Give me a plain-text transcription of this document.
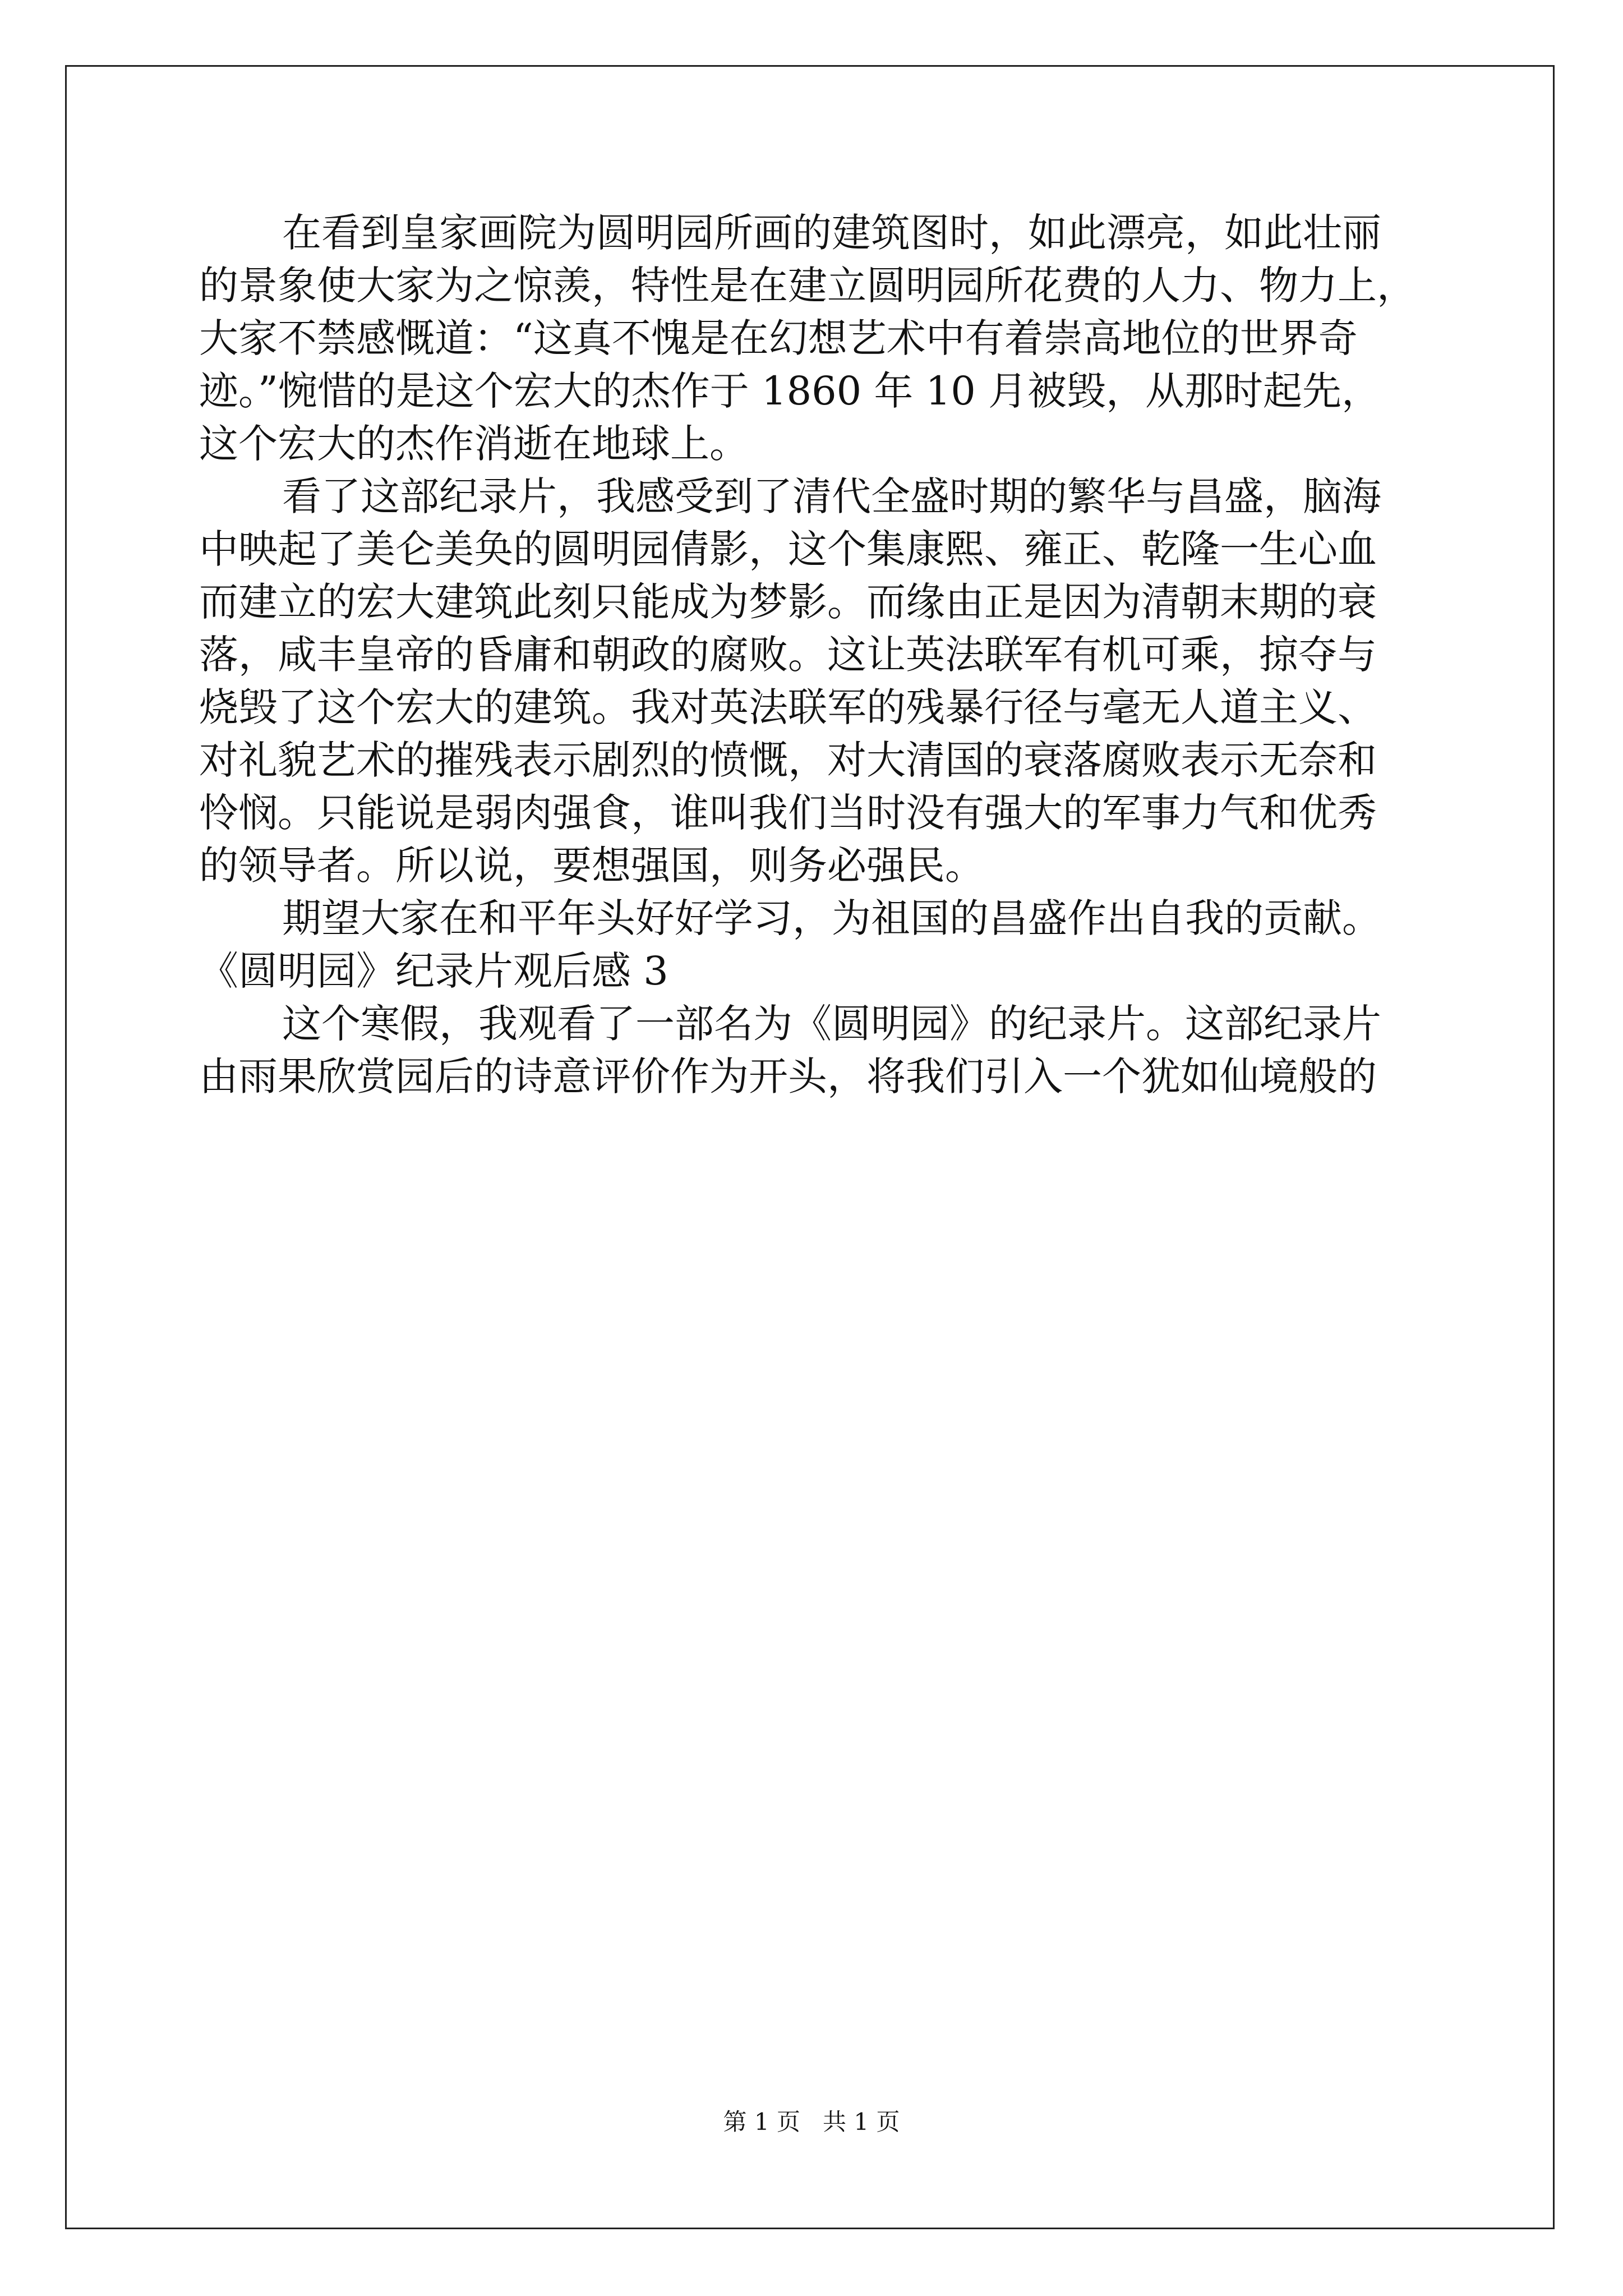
在看到皇家画院为圆明园所画的建筑图时，如此漂亮，如此壮丽
的景象使大家为之惊羡，特性是在建立圆明园所花费的人力、物力上，
大家不禁感慨道：“这真不愧是在幻想艺术中有着崇高地位的世界奇
迹。”惋惜的是这个宏大的杰作于 1860 年 10 月被毁，从那时起先，
这个宏大的杰作消逝在地球上。
看了这部纪录片，我感受到了清代全盛时期的繁华与昌盛，脑海
中映起了美仑美奂的圆明园倩影，这个集康熙、雍正、乾隆一生心血
而建立的宏大建筑此刻只能成为梦影。而缘由正是因为清朝末期的衰
落，咸丰皇帝的昏庸和朝政的腐败。这让英法联军有机可乘，掠夺与
烧毁了这个宏大的建筑。我对英法联军的残暴行径与毫无人道主义、
对礼貌艺术的摧残表示剧烈的愤慨，对大清国的衰落腐败表示无奈和
怜悯。只能说是弱肉强食，谁叫我们当时没有强大的军事力气和优秀
的领导者。所以说，要想强国，则务必强民。
期望大家在和平年头好好学习，为祖国的昌盛作出自我的贡献。
《圆明园》纪录片观后感 3
这个寒假，我观看了一部名为《圆明园》的纪录片。这部纪录片
由雨果欣赏园后的诗意评价作为开头，将我们引入一个犹如仙境般的
第 1 页   共 1 页
